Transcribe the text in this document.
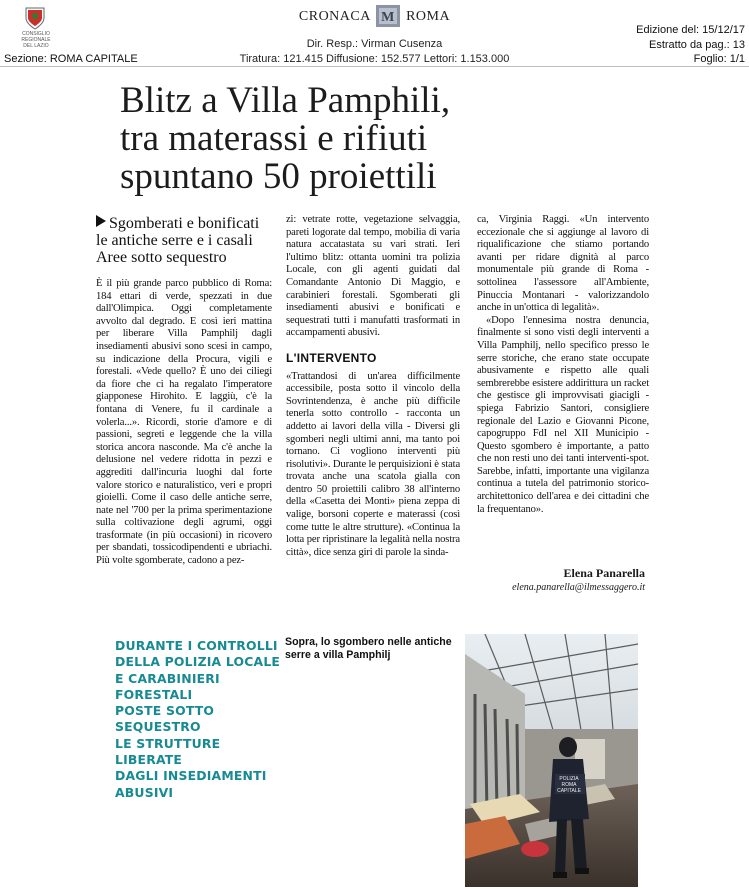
CONSIGLIO
REGIONALE
DEL LAZIO
Sezione: ROMA CAPITALE
CRONACA M ROMA
Dir. Resp.: Virman Cusenza
Tiratura: 121.415 Diffusione: 152.577 Lettori: 1.153.000
Edizione del: 15/12/17
Estratto da pag.: 13
Foglio: 1/1
Blitz a Villa Pamphili,
tra materassi e rifiuti
spuntano 50 proiettili
Sgomberati e bonificati le antiche serre e i casali Aree sotto sequestro

È il più grande parco pubblico di Roma: 184 ettari di verde, spezzati in due dall'Olimpica. Oggi completamente avvolto dal degrado. E così ieri mattina per liberare Villa Pamphilj dagli insediamenti abusivi sono scesi in campo, su indicazione della Procura, vigili e forestali. «Vede quello? È uno dei ciliegi da fiore che ci ha regalato l'imperatore giapponese Hirohito. E laggiù, c'è la fontana di Venere, fu il cardinale a volerla...». Ricordi, storie d'amore e di passioni, segreti e leggende che la villa storica ancora nasconde. Ma c'è anche la delusione nel vedere ridotta in pezzi e aggrediti dall'incuria luoghi dal forte valore storico e naturalistico, veri e propri gioielli. Come il caso delle antiche serre, nate nel '700 per la prima sperimentazione sulla coltivazione degli agrumi, oggi trasformate (in più occasioni) in ricovero per sbandati, tossicodipendenti e ubriachi. Più volte sgomberate, cadono a pez-

zi: vetrate rotte, vegetazione selvaggia, pareti logorate dal tempo, mobilia di varia natura accatastata su vari strati. Ieri l'ultimo blitz: ottanta uomini tra polizia Locale, con gli agenti guidati dal Comandante Antonio Di Maggio, e carabinieri forestali. Sgomberati gli insediamenti abusivi e bonificati e sequestrati tutti i manufatti trasformati in accampamenti abusivi.

L'INTERVENTO

«Trattandosi di un'area difficilmente accessibile, posta sotto il vincolo della Sovrintendenza, è anche più difficile tenerla sotto controllo - racconta un addetto ai lavori della villa - Diversi gli sgomberi negli ultimi anni, ma tanto poi tornano. Ci vogliono interventi più risolutivi». Durante le perquisizioni è stata trovata anche una scatola gialla con dentro 50 proiettili calibro 38 all'interno della «Casetta dei Monti» piena zeppa di valige, borsoni coperte e materassi (così come tutte le altre strutture). «Continua la lotta per ripristinare la legalità nella nostra città», dice senza giri di parole la sinda-

ca, Virginia Raggi. «Un intervento eccezionale che si aggiunge al lavoro di riqualificazione che stiamo portando avanti per ridare dignità al parco monumentale più grande di Roma - sottolinea l'assessore all'Ambiente, Pinuccia Montanari - valorizzandolo anche in un'ottica di legalità».

«Dopo l'ennesima nostra denuncia, finalmente si sono visti degli interventi a Villa Pamphilj, nello specifico presso le serre storiche, che erano state occupate abusivamente e rispetto alle quali sembrerebbe esistere addirittura un racket che gestisce gli improvvisati giacigli - spiega Fabrizio Santori, consigliere regionale del Lazio e Giovanni Picone, capogruppo FdI nel XII Municipio - Questo sgombero è importante, a patto che non resti uno dei tanti interventi-spot. Sarebbe, infatti, importante una vigilanza continua a tutela del patrimonio storico-architettonico dell'area e dei cittadini che la frequentano».

Elena Panarella
elena.panarella@ilmessaggero.it
DURANTE I CONTROLLI
DELLA POLIZIA LOCALE
E CARABINIERI FORESTALI
POSTE SOTTO SEQUESTRO
LE STRUTTURE LIBERATE
DAGLI INSEDIAMENTI ABUSIVI
Sopra, lo sgombero nelle antiche serre a villa Pamphilj
POLIZIA
ROMA
CAPITALE
